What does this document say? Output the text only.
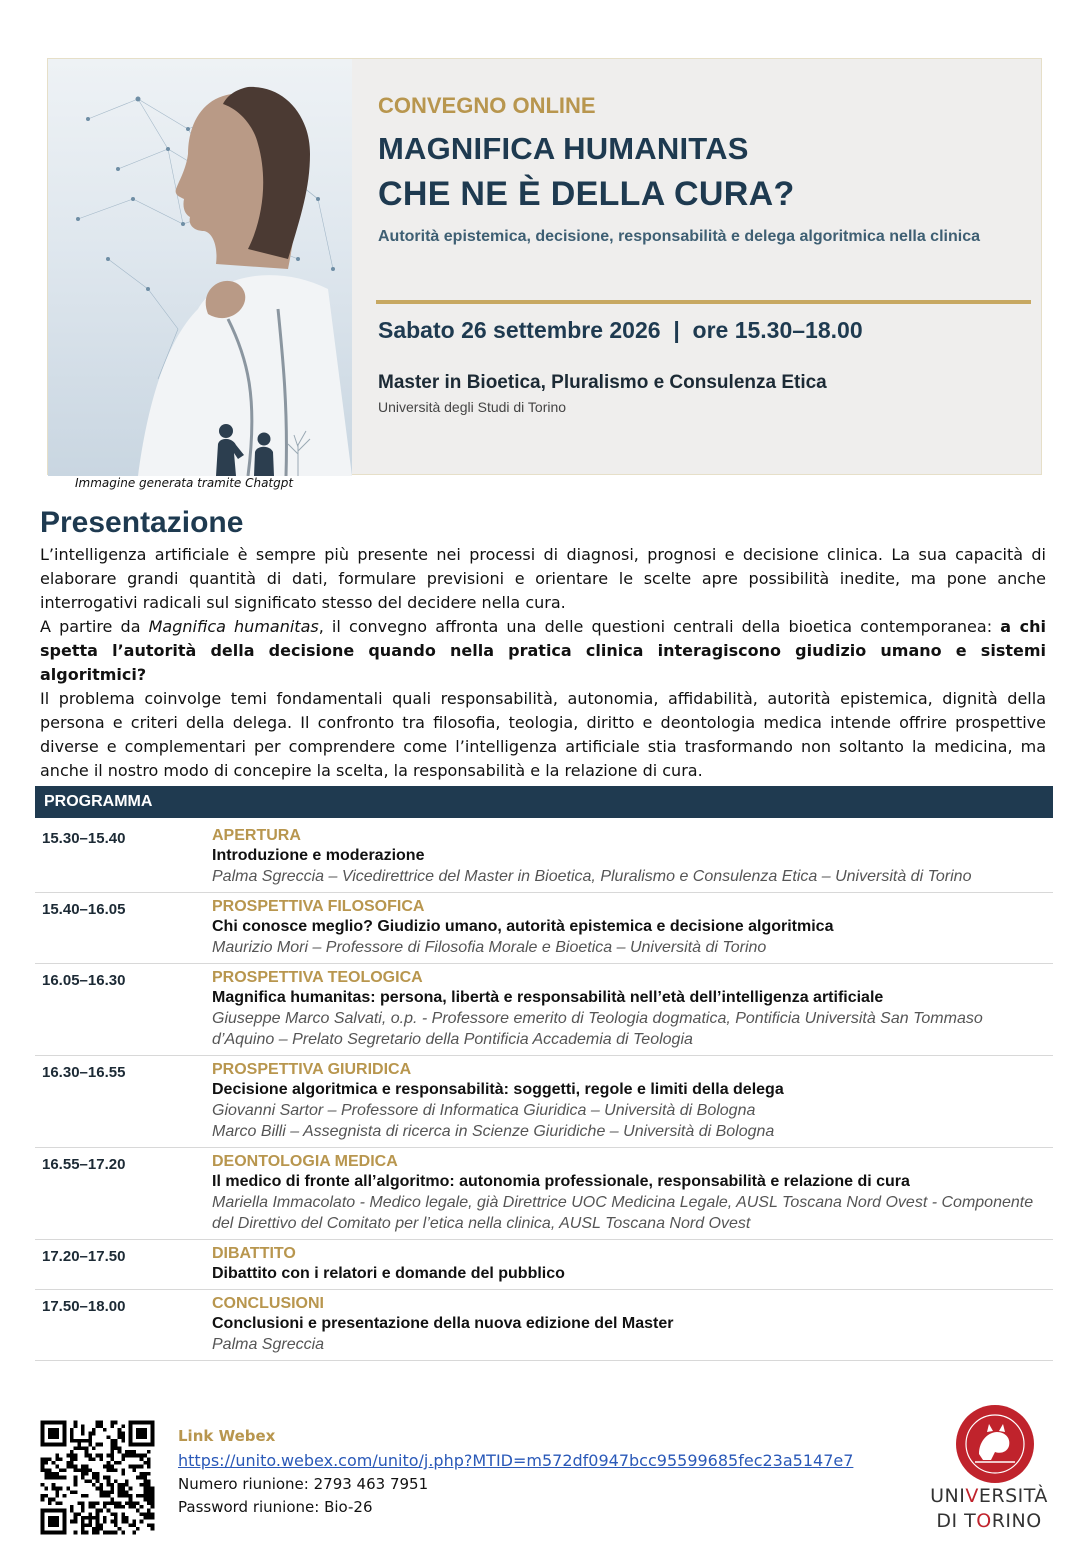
CONVEGNO ONLINE
MAGNIFICA HUMANITAS
CHE NE È DELLA CURA?
Autorità epistemica, decisione, responsabilità e delega algoritmica nella clinica
Sabato 26 settembre 2026  |  ore 15.30–18.00
Master in Bioetica, Pluralismo e Consulenza Etica
Università degli Studi di Torino
Immagine generata tramite Chatgpt
Presentazione

L’intelligenza artificiale è sempre più presente nei processi di diagnosi, prognosi e decisione clinica. La sua capacità di elaborare grandi quantità di dati, formulare previsioni e orientare le scelte apre possibilità inedite, ma pone anche interrogativi radicali sul significato stesso del decidere nella cura.

A partire da Magnifica humanitas, il convegno affronta una delle questioni centrali della bioetica contemporanea: a chi spetta l’autorità della decisione quando nella pratica clinica interagiscono giudizio umano e sistemi algoritmici?

Il problema coinvolge temi fondamentali quali responsabilità, autonomia, affidabilità, autorità epistemica, dignità della persona e criteri della delega. Il confronto tra filosofia, teologia, diritto e deontologia medica intende offrire prospettive diverse e complementari per comprendere come l’intelligenza artificiale stia trasformando non soltanto la medicina, ma anche il nostro modo di concepire la scelta, la responsabilità e la relazione di cura.

PROGRAMMA
15.30–15.40	APERTURA
Introduzione e moderazione
Palma Sgreccia – Vicedirettrice del Master in Bioetica, Pluralismo e Consulenza Etica – Università di Torino
15.40–16.05	PROSPETTIVA FILOSOFICA
Chi conosce meglio? Giudizio umano, autorità epistemica e decisione algoritmica
Maurizio Mori – Professore di Filosofia Morale e Bioetica – Università di Torino
16.05–16.30	PROSPETTIVA TEOLOGICA
Magnifica humanitas: persona, libertà e responsabilità nell’età dell’intelligenza artificiale
Giuseppe Marco Salvati, o.p. - Professore emerito di Teologia dogmatica, Pontificia Università San Tommaso d’Aquino – Prelato Segretario della Pontificia Accademia di Teologia
16.30–16.55	PROSPETTIVA GIURIDICA
Decisione algoritmica e responsabilità: soggetti, regole e limiti della delega
Giovanni Sartor – Professore di Informatica Giuridica – Università di Bologna
Marco Billi – Assegnista di ricerca in Scienze Giuridiche – Università di Bologna
16.55–17.20	DEONTOLOGIA MEDICA
Il medico di fronte all’algoritmo: autonomia professionale, responsabilità e relazione di cura
Mariella Immacolato - Medico legale, già Direttrice UOC Medicina Legale, AUSL Toscana Nord Ovest - Componente del Direttivo del Comitato per l’etica nella clinica, AUSL Toscana Nord Ovest
17.20–17.50	DIBATTITO
Dibattito con i relatori e domande del pubblico
17.50–18.00	CONCLUSIONI
Conclusioni e presentazione della nuova edizione del Master
Palma Sgreccia
Link Webex
https://unito.webex.com/unito/j.php?MTID=m572df0947bcc95599685fec23a5147e7
Numero riunione: 2793 463 7951
Password riunione: Bio-26	UNIVERSITÀ
DI TORINO
